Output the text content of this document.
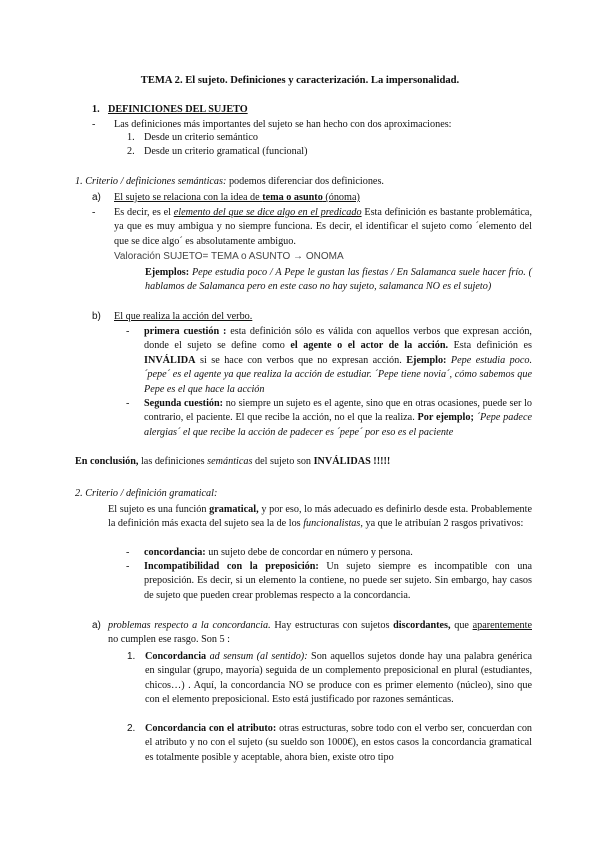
TEMA 2. El sujeto. Definiciones y caracterización. La impersonalidad.
1. DEFINICIONES DEL SUJETO
- Las definiciones más importantes del sujeto se han hecho con dos aproximaciones:
1. Desde un criterio semántico
2. Desde un criterio gramatical (funcional)
1. Criterio / definiciones semánticas: podemos diferenciar dos definiciones.
a) El sujeto se relaciona con la idea de tema o asunto (ónoma)
- Es decir, es el elemento del que se dice algo en el predicado Esta definición es bastante problemática, ya que es muy ambigua y no siempre funciona. Es decir, el identificar el sujeto como ´elemento del que se dice algo´ es absolutamente ambiguo.

Valoración SUJETO= TEMA o ASUNTO → ONOMA
Ejemplos: Pepe estudia poco / A Pepe le gustan las fiestas / En Salamanca suele hacer frío. ( hablamos de Salamanca pero en este caso no hay sujeto, salamanca NO es el sujeto)
b) El que realiza la acción del verbo.
- primera cuestión : esta definición sólo es válida con aquellos verbos que expresan acción, donde el sujeto se define como el agente o el actor de la acción. Esta definición es INVÁLIDA si se hace con verbos que no expresan acción. Ejemplo: Pepe estudia poco. ´pepe´ es el agente ya que realiza la acción de estudiar. ´Pepe tiene novia´, cómo sabemos que Pepe es el que hace la acción

- Segunda cuestión: no siempre un sujeto es el agente, sino que en otras ocasiones, puede ser lo contrario, el paciente. El que recibe la acción, no el que la realiza. Por ejemplo; ´Pepe padece alergias´ el que recibe la acción de padecer es ´pepe´ por eso es el paciente

En conclusión, las definiciones semánticas del sujeto son INVÁLIDAS !!!!!
2. Criterio / definición gramatical:
El sujeto es una función gramatical, y por eso, lo más adecuado es definirlo desde esta. Probablemente la definición más exacta del sujeto sea la de los funcionalistas, ya que le atribuían 2 rasgos privativos:
- concordancia: un sujeto debe de concordar en número y persona.

- Incompatibilidad con la preposición: Un sujeto siempre es incompatible con una preposición. Es decir, si un elemento la contiene, no puede ser sujeto. Sin embargo, hay casos de sujeto que pueden crear problemas respecto a la concordancia.

a) problemas respecto a la concordancia. Hay estructuras con sujetos discordantes, que aparentemente no cumplen ese rasgo. Son 5 :

1. Concordancia ad sensum (al sentido): Son aquellos sujetos donde hay una palabra genérica en singular (grupo, mayoría) seguida de un complemento preposicional en plural (estudiantes, chicos…) . Aquí, la concordancia NO se produce con es primer elemento (núcleo), sino que con el elemento preposicional. Esto está justificado por razones semánticas.

2. Concordancia con el atributo: otras estructuras, sobre todo con el verbo ser, concuerdan con el atributo y no con el sujeto (su sueldo son 1000€), en estos casos la concordancia gramatical es totalmente posible y aceptable, ahora bien, existe otro tipo
